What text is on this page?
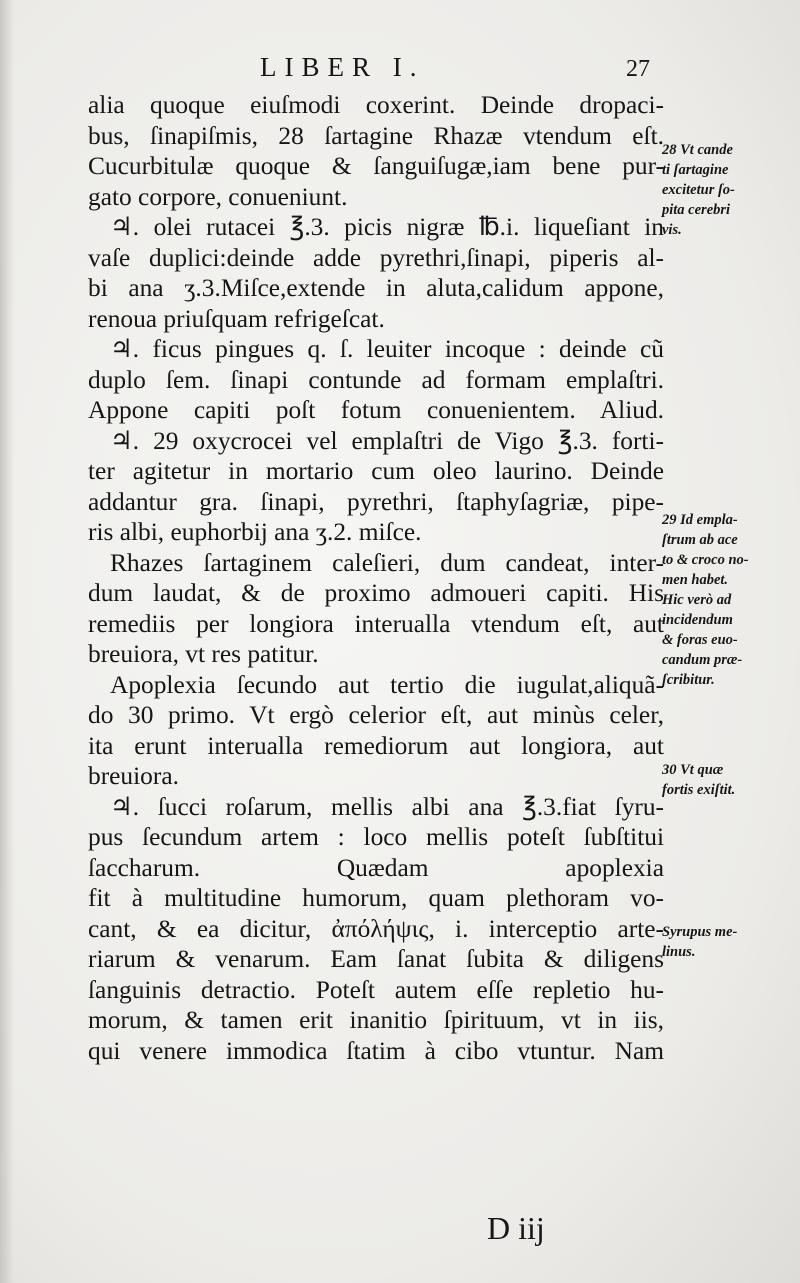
LIBER I.	27
alia quoque eiuſmodi coxerint. Deinde dropaci-
bus, ſinapiſmis, 28 ſartagine Rhazæ vtendum eſt.
Cucurbitulæ quoque & ſanguiſugæ,iam bene pur-
gato corpore, conueniunt.
♃. olei rutacei ℥.3. picis nigræ ℔.i. liqueſiant in
vaſe duplici:deinde adde pyrethri,ſinapi, piperis al-
bi ana ʒ.3.Miſce,extende in aluta,calidum appone,
renoua priuſquam refrigeſcat.
♃. ficus pingues q. ſ. leuiter incoque : deinde cũ
duplo ſem. ſinapi contunde ad formam emplaſtri.
Appone capiti poſt fotum conuenientem. Aliud.
♃. 29 oxycrocei vel emplaſtri de Vigo ℥.3. forti-
ter agitetur in mortario cum oleo laurino. Deinde
addantur gra. ſinapi, pyrethri, ſtaphyſagriæ, pipe-
ris albi, euphorbij ana ʒ.2. miſce.
Rhazes ſartaginem caleſieri, dum candeat, inter-
dum laudat, & de proximo admoueri capiti. His
remediis per longiora interualla vtendum eſt, aut
breuiora, vt res patitur.
Apoplexia ſecundo aut tertio die iugulat,aliquã-
do 30 primo. Vt ergò celerior eſt, aut minùs celer,
ita erunt interualla remediorum aut longiora, aut
breuiora.
♃. ſucci roſarum, mellis albi ana ℥.3.fiat ſyru-
pus ſecundum artem : loco mellis poteſt ſubſtitui
ſaccharum. Quædam apoplexia
fit à multitudine humorum, quam plethoram vo-
cant, & ea dicitur, ἀπόλήψις, i. interceptio arte-
riarum & venarum. Eam ſanat ſubita & diligens
ſanguinis detractio. Poteſt autem eſſe repletio hu-
morum, & tamen erit inanitio ſpirituum, vt in iis,
qui venere immodica ſtatim à cibo vtuntur. Nam
28 Vt cande
ti ſartagine
excitetur ſo-
pita cerebri
vis.
29 Id empla-
ſtrum ab ace
to & croco no-
men habet.
Hic verò ad
incidendum
& foras euo-
candum præ-
ſcribitur.
30 Vt quæ
fortis exiſtit.
Syrupus me-
linus.
D iij
